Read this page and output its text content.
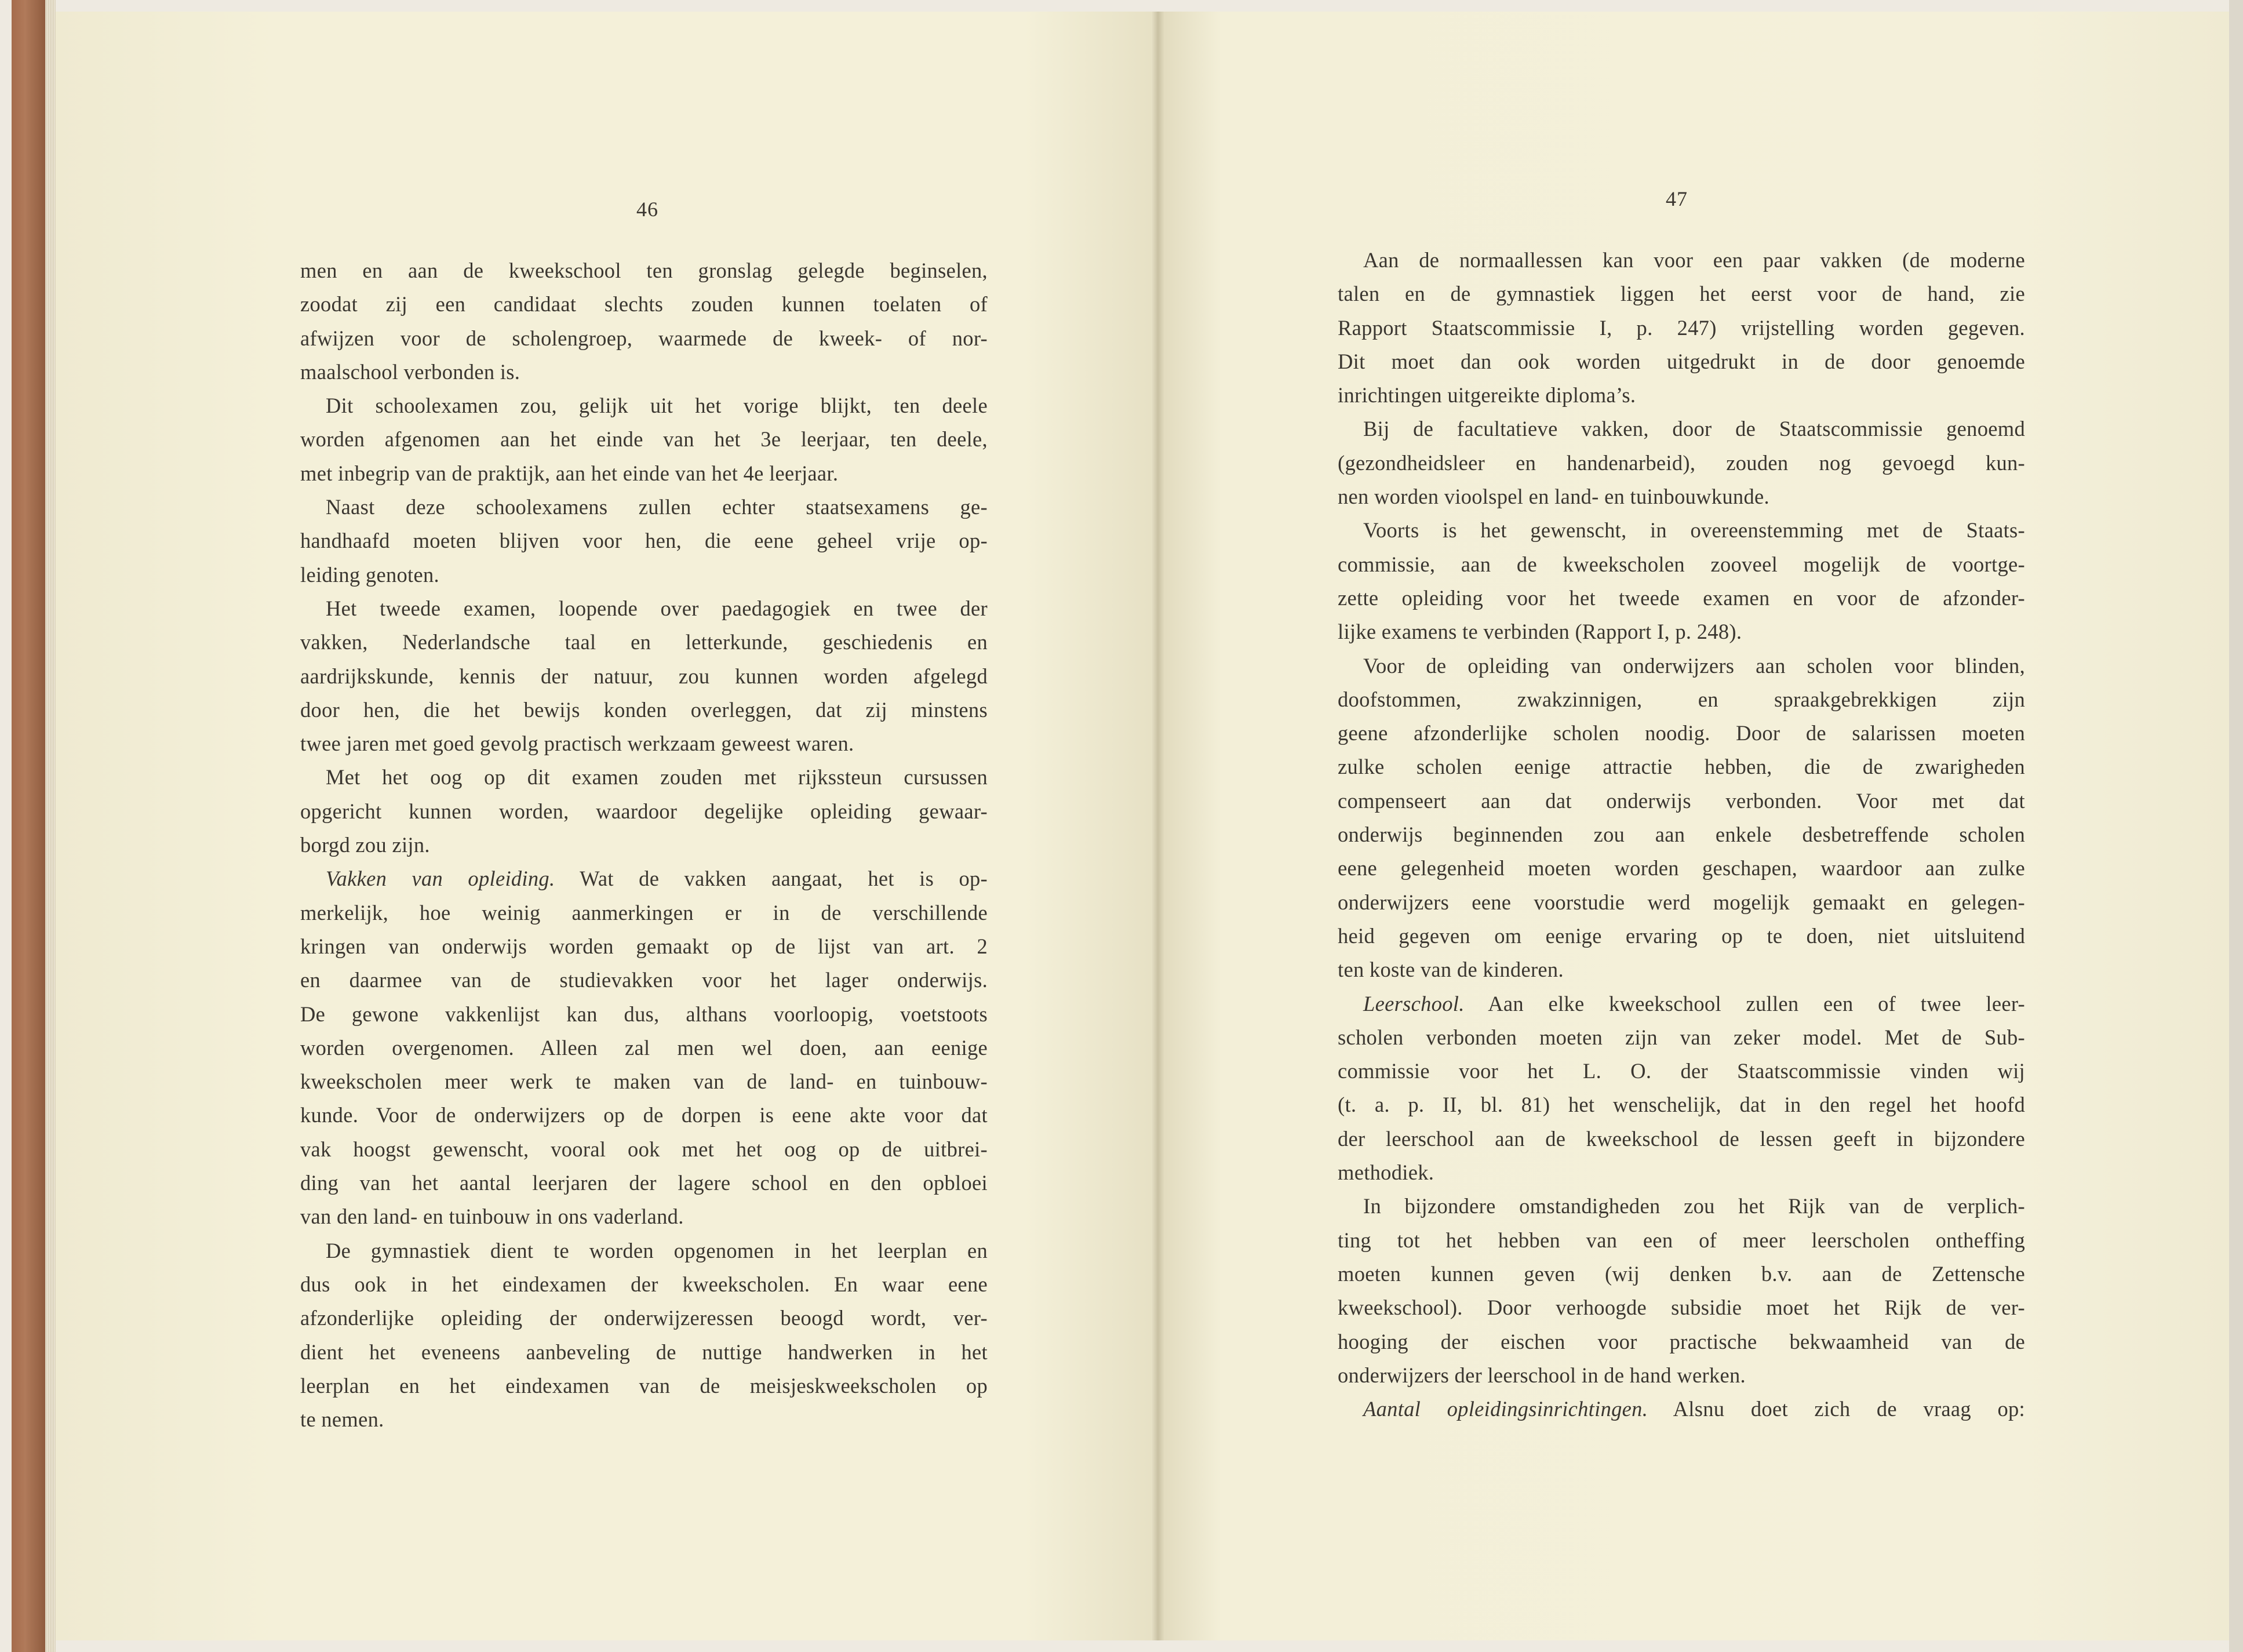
46	47
men en aan de kweekschool ten gronslag gelegde beginselen,
zoodat zij een candidaat slechts zouden kunnen toelaten of
afwijzen voor de scholengroep, waarmede de kweek- of nor-
maalschool verbonden is.
Dit schoolexamen zou, gelijk uit het vorige blijkt, ten deele
worden afgenomen aan het einde van het 3e leerjaar, ten deele,
met inbegrip van de praktijk, aan het einde van het 4e leerjaar.
Naast deze schoolexamens zullen echter staatsexamens ge-
handhaafd moeten blijven voor hen, die eene geheel vrije op-
leiding genoten.
Het tweede examen, loopende over paedagogiek en twee der
vakken, Nederlandsche taal en letterkunde, geschiedenis en
aardrijkskunde, kennis der natuur, zou kunnen worden afgelegd
door hen, die het bewijs konden overleggen, dat zij minstens
twee jaren met goed gevolg practisch werkzaam geweest waren.
Met het oog op dit examen zouden met rijkssteun cursussen
opgericht kunnen worden, waardoor degelijke opleiding gewaar-
borgd zou zijn.
Vakken van opleiding. Wat de vakken aangaat, het is op-
merkelijk, hoe weinig aanmerkingen er in de verschillende
kringen van onderwijs worden gemaakt op de lijst van art. 2
en daarmee van de studievakken voor het lager onderwijs.
De gewone vakkenlijst kan dus, althans voorloopig, voetstoots
worden overgenomen. Alleen zal men wel doen, aan eenige
kweekscholen meer werk te maken van de land- en tuinbouw-
kunde. Voor de onderwijzers op de dorpen is eene akte voor dat
vak hoogst gewenscht, vooral ook met het oog op de uitbrei-
ding van het aantal leerjaren der lagere school en den opbloei
van den land- en tuinbouw in ons vaderland.
De gymnastiek dient te worden opgenomen in het leerplan en
dus ook in het eindexamen der kweekscholen. En waar eene
afzonderlijke opleiding der onderwijzeressen beoogd wordt, ver-
dient het eveneens aanbeveling de nuttige handwerken in het
leerplan en het eindexamen van de meisjeskweekscholen op
te nemen.
Aan de normaallessen kan voor een paar vakken (de moderne
talen en de gymnastiek liggen het eerst voor de hand, zie
Rapport Staatscommissie I, p. 247) vrijstelling worden gegeven.
Dit moet dan ook worden uitgedrukt in de door genoemde
inrichtingen uitgereikte diploma’s.
Bij de facultatieve vakken, door de Staatscommissie genoemd
(gezondheidsleer en handenarbeid), zouden nog gevoegd kun-
nen worden vioolspel en land- en tuinbouwkunde.
Voorts is het gewenscht, in overeenstemming met de Staats-
commissie, aan de kweekscholen zooveel mogelijk de voortge-
zette opleiding voor het tweede examen en voor de afzonder-
lijke examens te verbinden (Rapport I, p. 248).
Voor de opleiding van onderwijzers aan scholen voor blinden,
doofstommen, zwakzinnigen, en spraakgebrekkigen zijn
geene afzonderlijke scholen noodig. Door de salarissen moeten
zulke scholen eenige attractie hebben, die de zwarigheden
compenseert aan dat onderwijs verbonden. Voor met dat
onderwijs beginnenden zou aan enkele desbetreffende scholen
eene gelegenheid moeten worden geschapen, waardoor aan zulke
onderwijzers eene voorstudie werd mogelijk gemaakt en gelegen-
heid gegeven om eenige ervaring op te doen, niet uitsluitend
ten koste van de kinderen.
Leerschool. Aan elke kweekschool zullen een of twee leer-
scholen verbonden moeten zijn van zeker model. Met de Sub-
commissie voor het L. O. der Staatscommissie vinden wij
(t. a. p. II, bl. 81) het wenschelijk, dat in den regel het hoofd
der leerschool aan de kweekschool de lessen geeft in bijzondere
methodiek.
In bijzondere omstandigheden zou het Rijk van de verplich-
ting tot het hebben van een of meer leerscholen ontheffing
moeten kunnen geven (wij denken b.v. aan de Zettensche
kweekschool). Door verhoogde subsidie moet het Rijk de ver-
hooging der eischen voor practische bekwaamheid van de
onderwijzers der leerschool in de hand werken.
Aantal opleidingsinrichtingen. Alsnu doet zich de vraag op:
